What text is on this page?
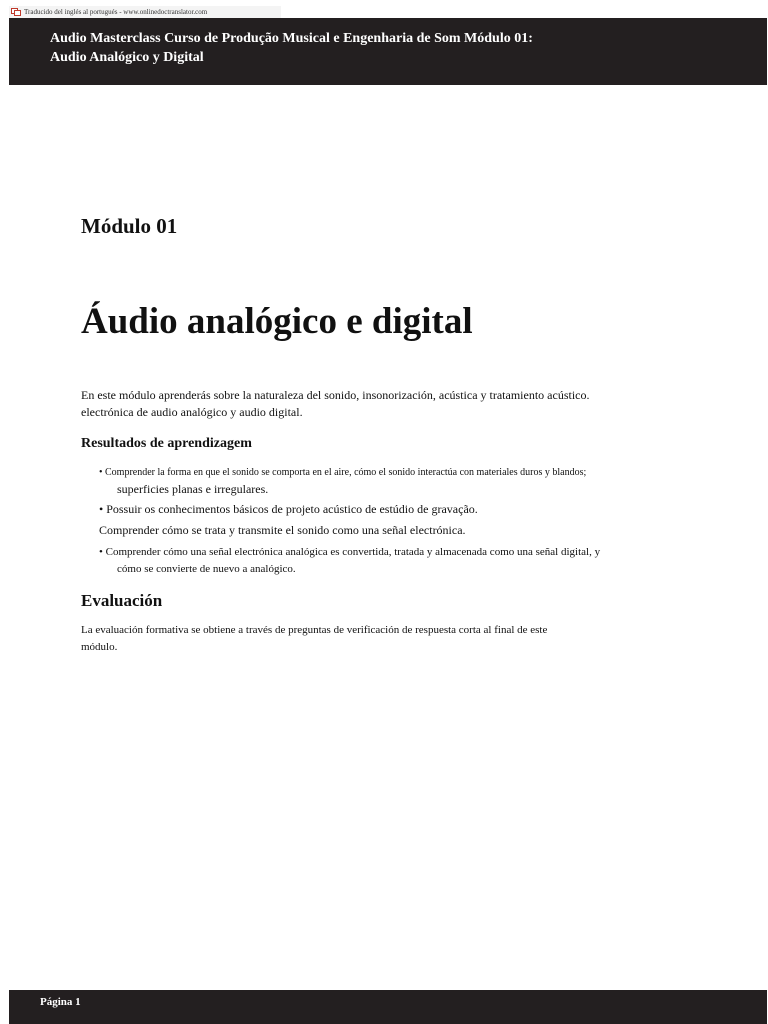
Traducido del inglés al portugués - www.onlinedoctranslator.com
Audio Masterclass Curso de Produção Musical e Engenharia de Som Módulo 01:
Audio Analógico y Digital
Módulo 01
Áudio analógico e digital
En este módulo aprenderás sobre la naturaleza del sonido, insonorización, acústica y tratamiento acústico.
electrónica de audio analógico y audio digital.
Resultados de aprendizagem
• Comprender la forma en que el sonido se comporta en el aire, cómo el sonido interactúa con materiales duros y blandos;
superficies planas e irregulares.
• Possuir os conhecimentos básicos de projeto acústico de estúdio de gravação.
Comprender cómo se trata y transmite el sonido como una señal electrónica.
• Comprender cómo una señal electrónica analógica es convertida, tratada y almacenada como una señal digital, y
cómo se convierte de nuevo a analógico.
Evaluación
La evaluación formativa se obtiene a través de preguntas de verificación de respuesta corta al final de este
módulo.
Página 1
